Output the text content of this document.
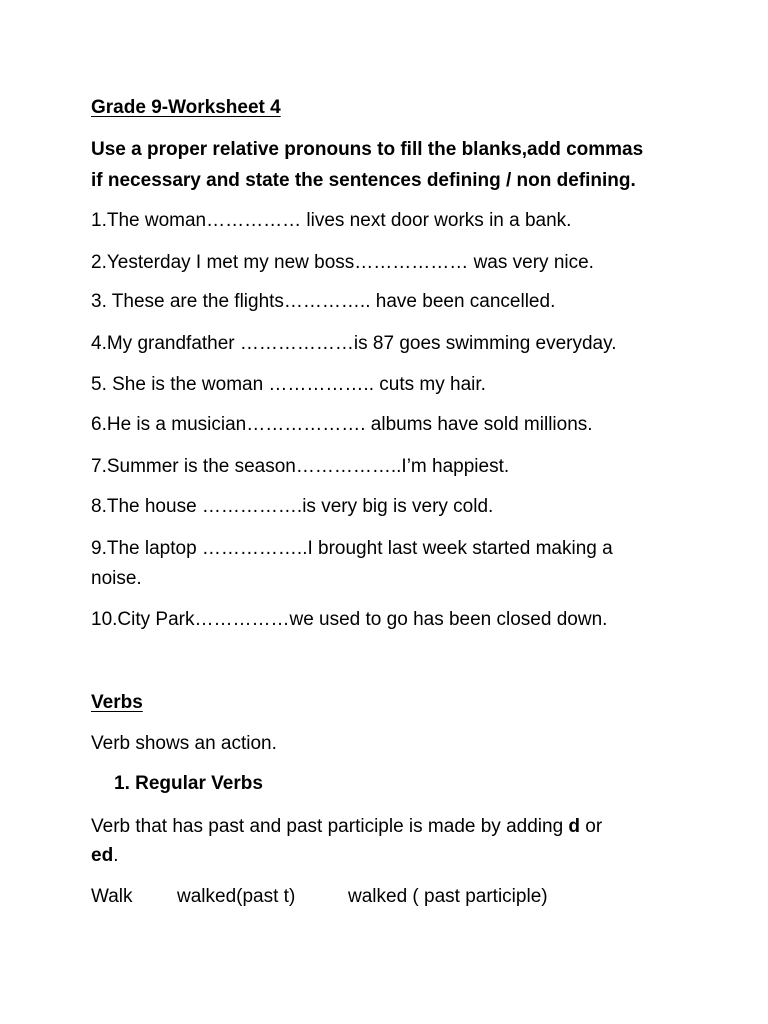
Grade 9-Worksheet 4
Use a proper relative pronouns to fill the blanks,add commas
if necessary and state the sentences defining / non defining.
1.The woman…………… lives next door works in a bank.
2.Yesterday I met my new boss……………… was very nice.
3. These are the flights………….. have been cancelled.
4.My grandfather ………………is 87 goes swimming everyday.
5. She is the woman …………….. cuts my hair.
6.He is a musician………………. albums have sold millions.
7.Summer is the season……………..I’m happiest.
8.The house …………….is very big is very cold.
9.The laptop ……………..I brought last week started making a
noise.
10.City Park……………we used to go has been closed down.
Verbs
Verb shows an action.
1. Regular Verbs
Verb that has past and past participle is made by adding d or
ed.
Walk walked(past t)	walked ( past participle)
